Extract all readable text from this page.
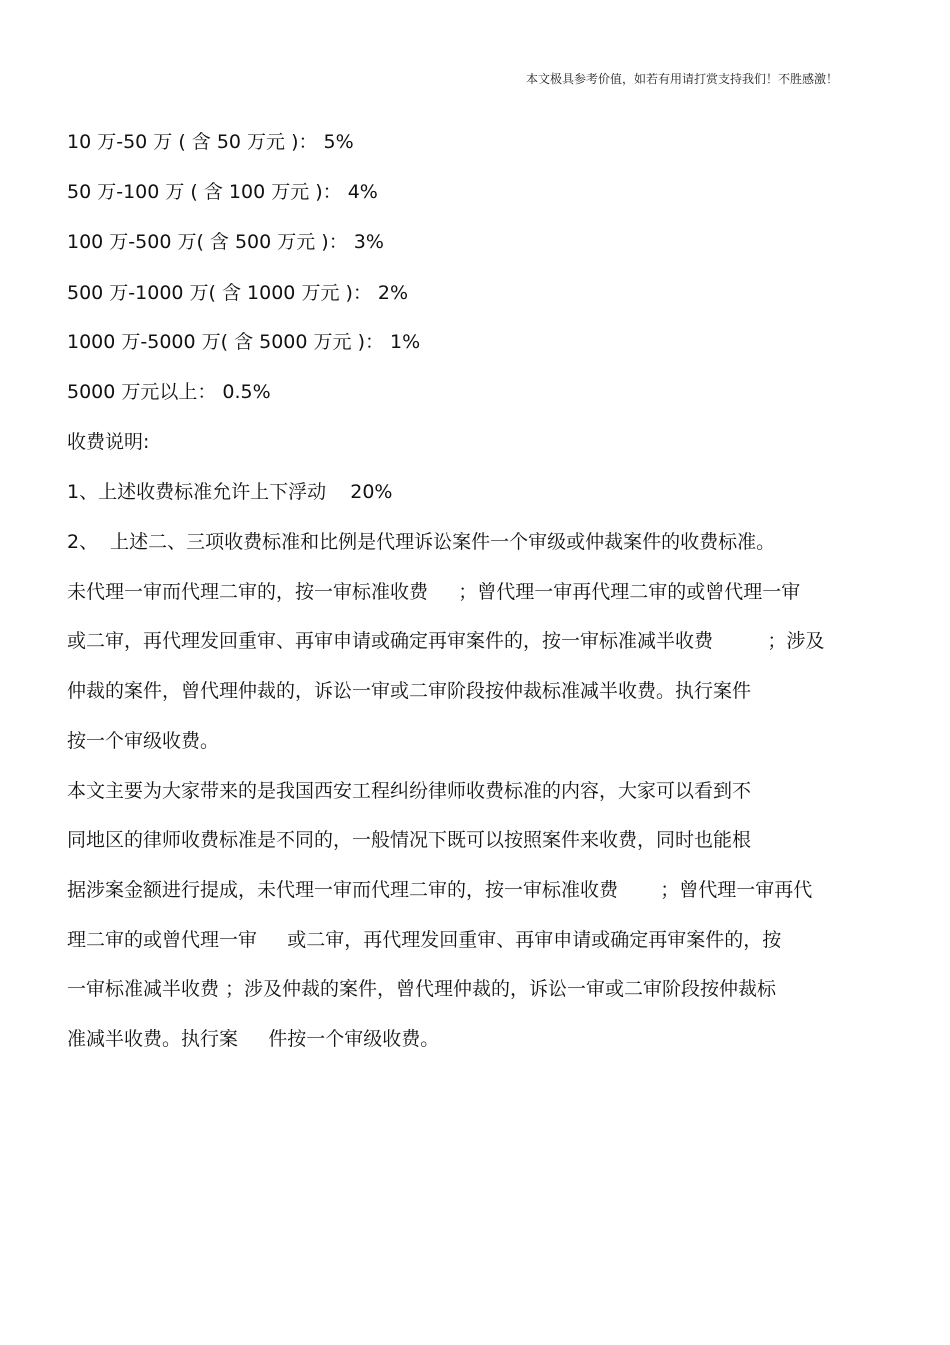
本文极具参考价值，如若有用请打赏支持我们！不胜感激！
10 万-50 万 ( 含 50 万元 )： 5%
50 万-100 万 ( 含 100 万元 )： 4%
100 万-500 万( 含 500 万元 )： 3%
500 万-1000 万( 含 1000 万元 )： 2%
1000 万-5000 万( 含 5000 万元 )： 1%
5000 万元以上： 0.5%
收费说明:
1、上述收费标准允许上下浮动    20%
2、  上述二、三项收费标准和比例是代理诉讼案件一个审级或仲裁案件的收费标准。
未代理一审而代理二审的，按一审标准收费     ；曾代理一审再代理二审的或曾代理一审
或二审，再代理发回重审、再审申请或确定再审案件的，按一审标准减半收费         ；涉及
仲裁的案件，曾代理仲裁的，诉讼一审或二审阶段按仲裁标准减半收费。执行案件
按一个审级收费。
本文主要为大家带来的是我国西安工程纠纷律师收费标准的内容，大家可以看到不
同地区的律师收费标准是不同的，一般情况下既可以按照案件来收费，同时也能根
据涉案金额进行提成，未代理一审而代理二审的，按一审标准收费       ；曾代理一审再代
理二审的或曾代理一审     或二审，再代理发回重审、再审申请或确定再审案件的，按
一审标准减半收费 ；涉及仲裁的案件，曾代理仲裁的，诉讼一审或二审阶段按仲裁标
准减半收费。执行案     件按一个审级收费。
